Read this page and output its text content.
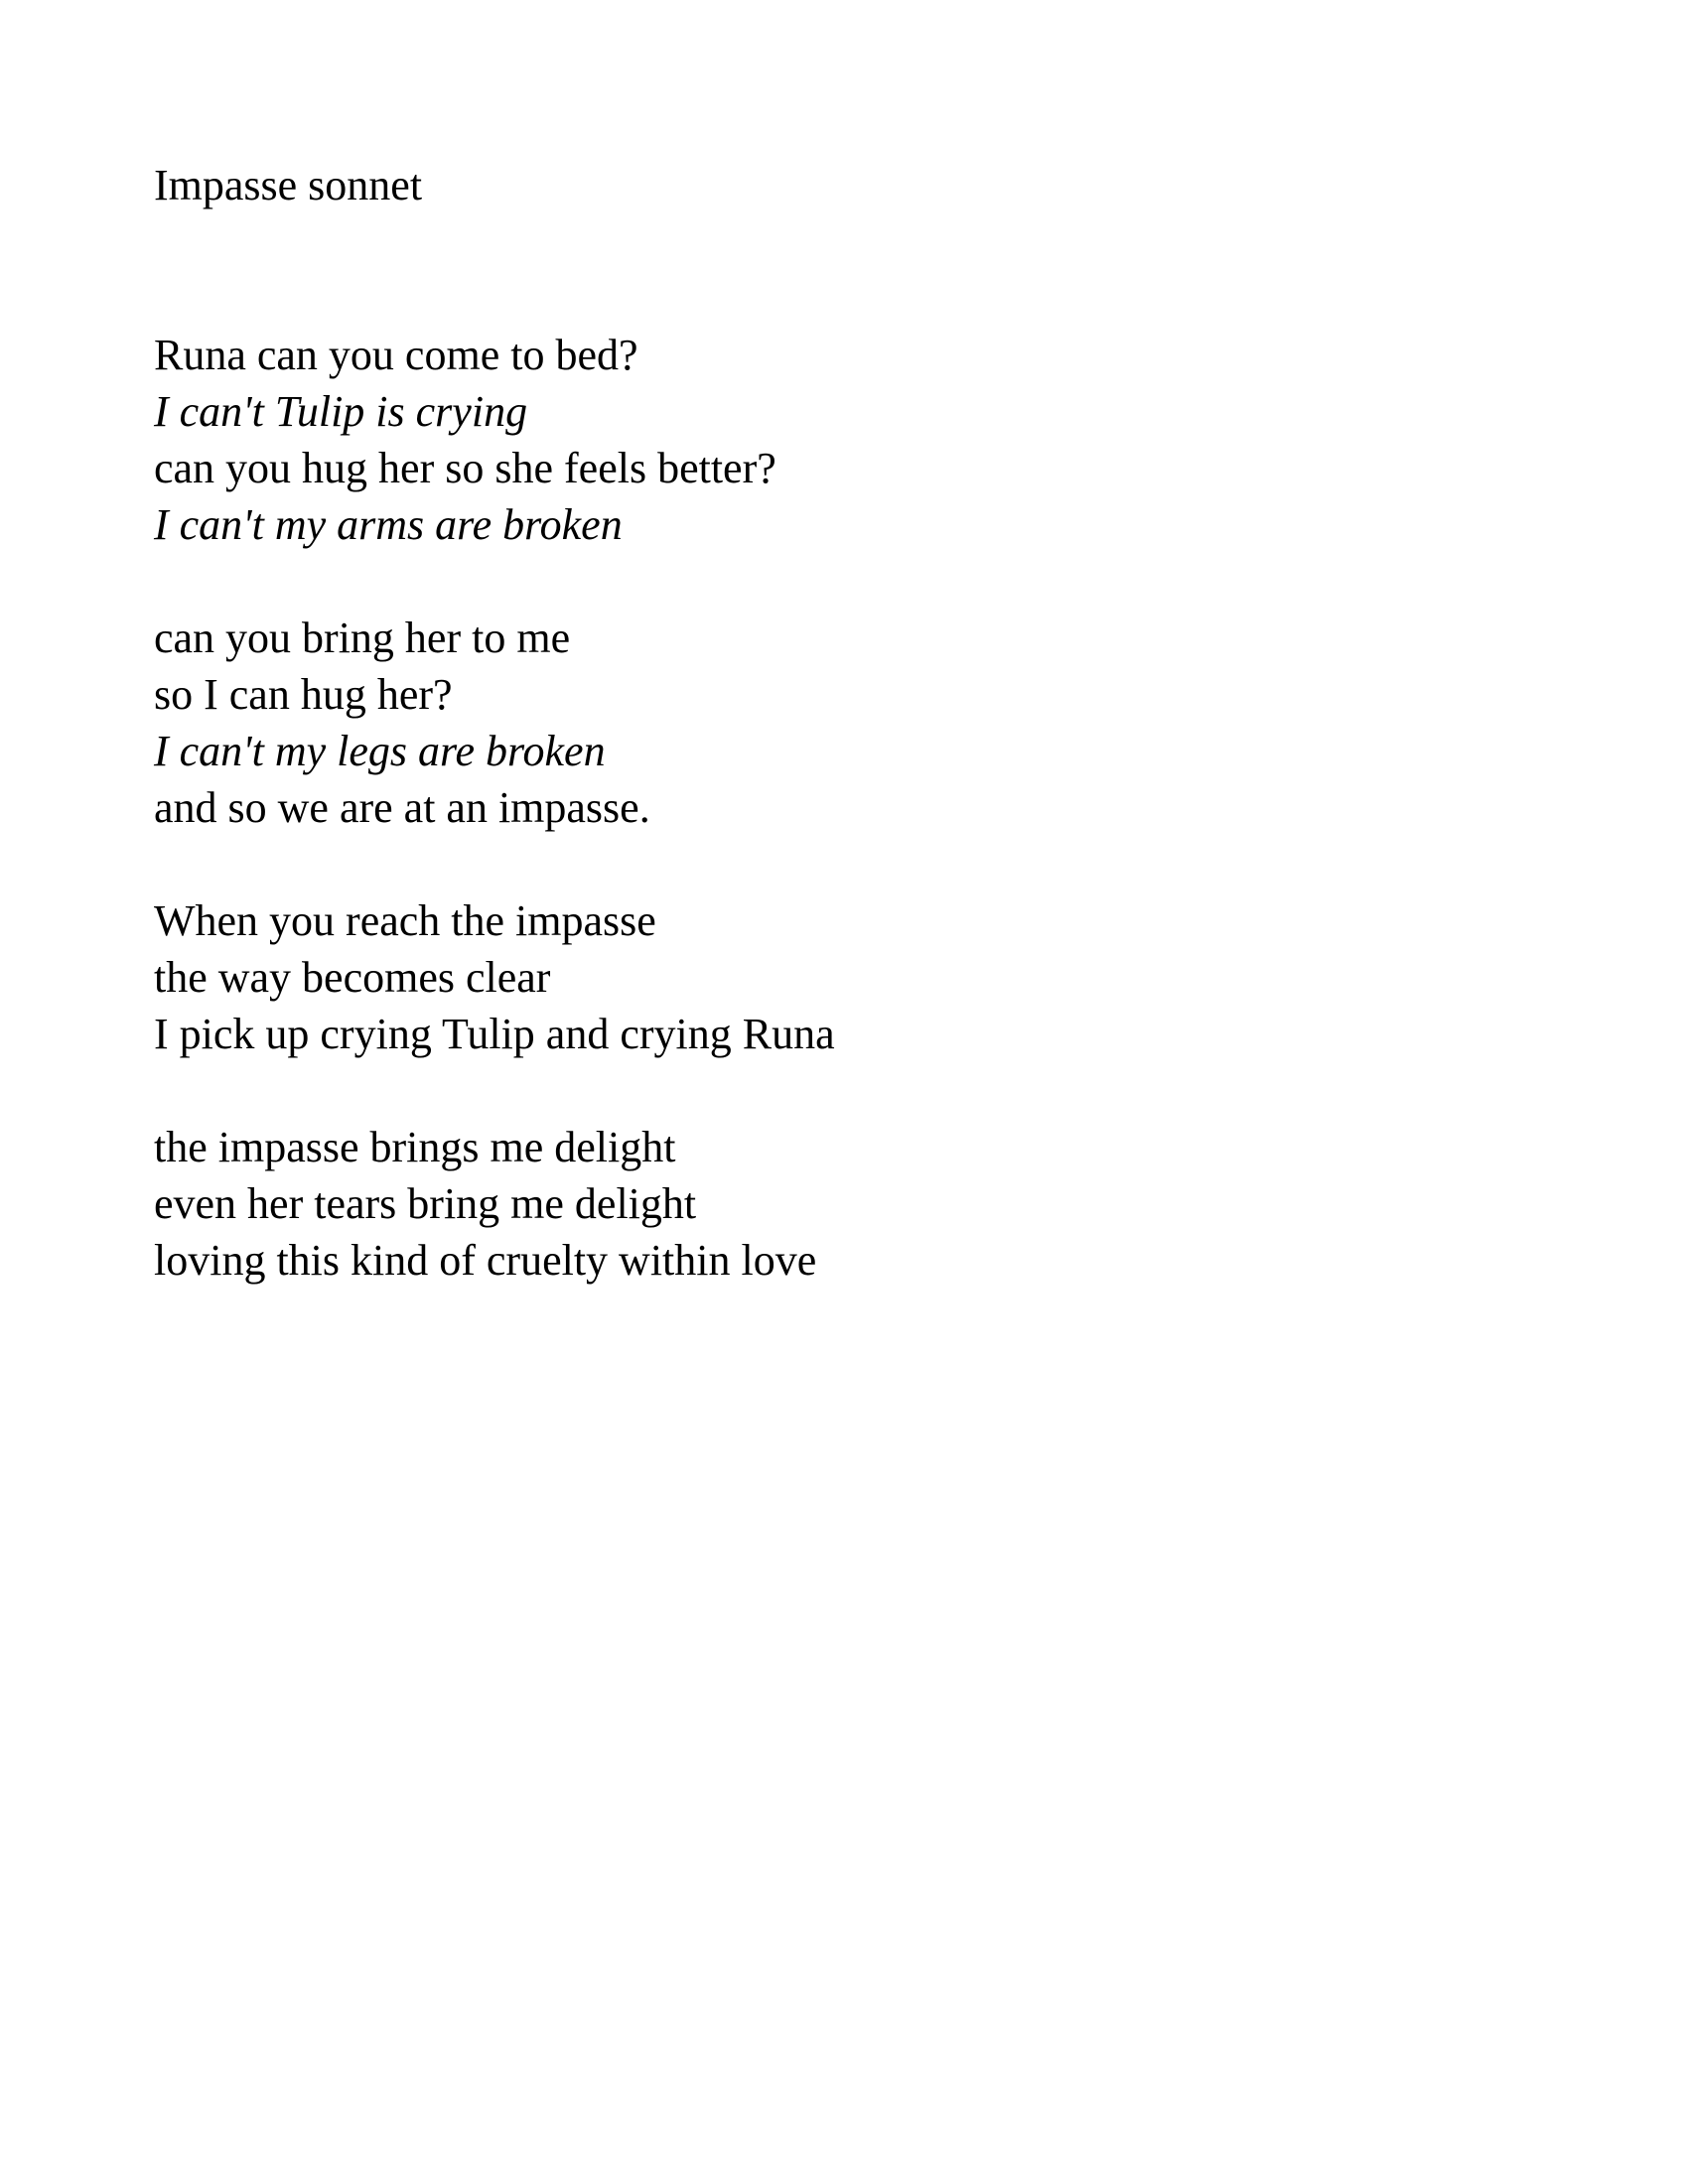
Impasse sonnet
Runa can you come to bed?
I can't Tulip is crying
can you hug her so she feels better?
I can't my arms are broken
can you bring her to me
so I can hug her?
I can't my legs are broken
and so we are at an impasse.
When you reach the impasse
the way becomes clear
I pick up crying Tulip and crying Runa
the impasse brings me delight
even her tears bring me delight
loving this kind of cruelty within love
